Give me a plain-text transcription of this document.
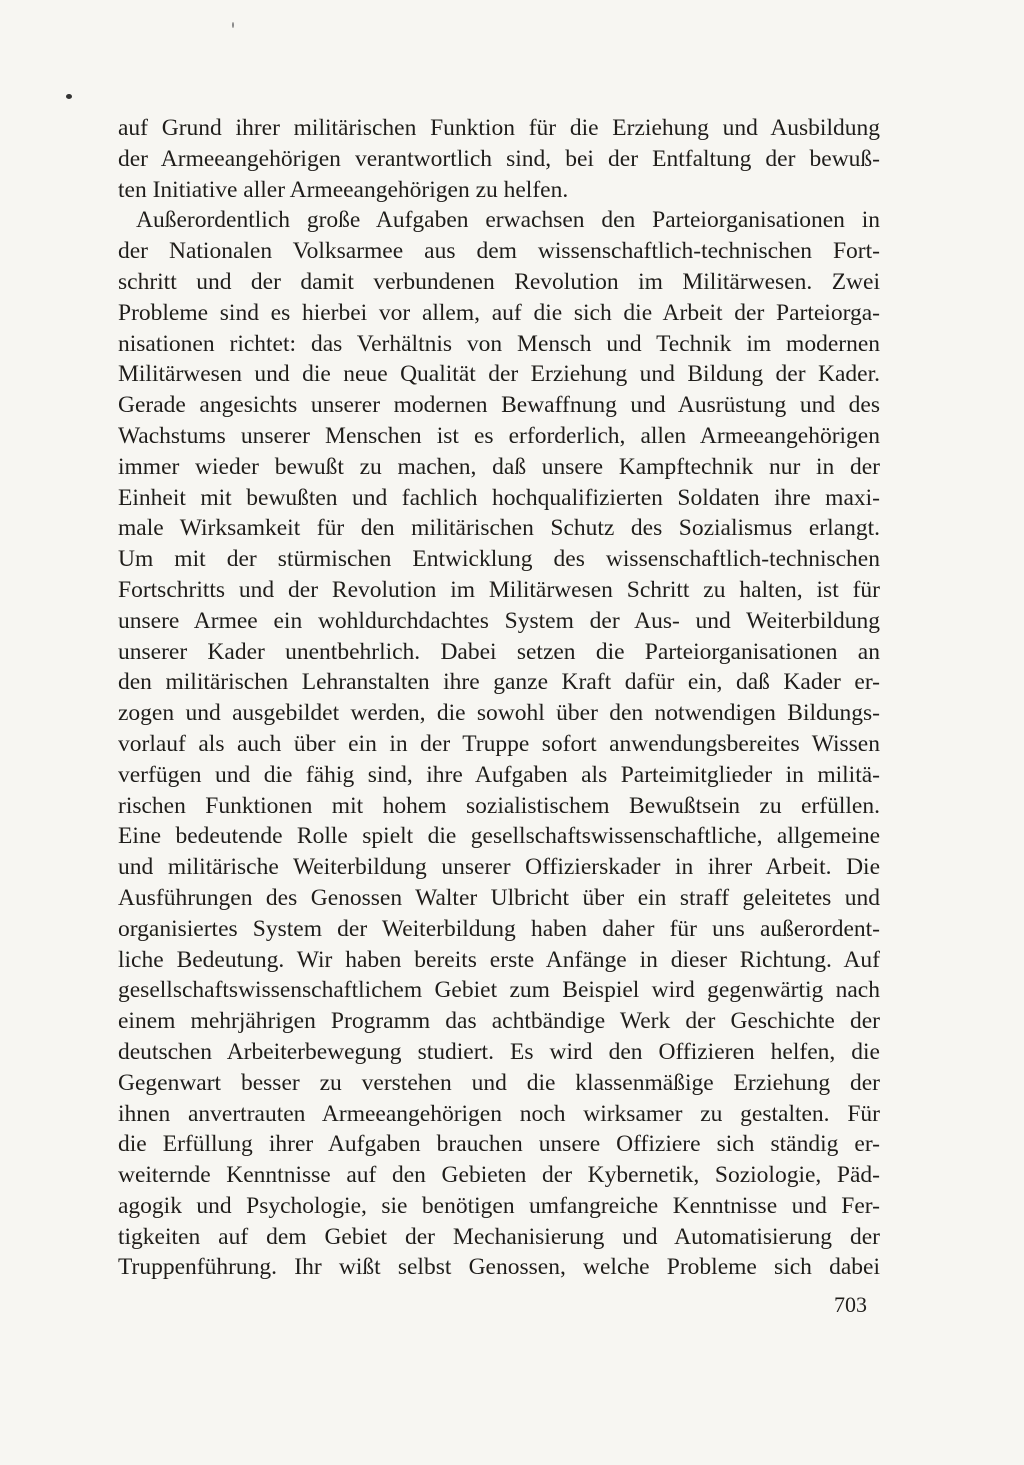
auf Grund ihrer militärischen Funktion für die Erziehung und Ausbildung
der Armeeangehörigen verantwortlich sind, bei der Entfaltung der bewuß-
ten Initiative aller Armeeangehörigen zu helfen.
Außerordentlich große Aufgaben erwachsen den Parteiorganisationen in
der Nationalen Volksarmee aus dem wissenschaftlich-technischen Fort-
schritt und der damit verbundenen Revolution im Militärwesen. Zwei
Probleme sind es hierbei vor allem, auf die sich die Arbeit der Parteiorga-
nisationen richtet: das Verhältnis von Mensch und Technik im modernen
Militärwesen und die neue Qualität der Erziehung und Bildung der Kader.
Gerade angesichts unserer modernen Bewaffnung und Ausrüstung und des
Wachstums unserer Menschen ist es erforderlich, allen Armeeangehörigen
immer wieder bewußt zu machen, daß unsere Kampftechnik nur in der
Einheit mit bewußten und fachlich hochqualifizierten Soldaten ihre maxi-
male Wirksamkeit für den militärischen Schutz des Sozialismus erlangt.
Um mit der stürmischen Entwicklung des wissenschaftlich-technischen
Fortschritts und der Revolution im Militärwesen Schritt zu halten, ist für
unsere Armee ein wohldurchdachtes System der Aus- und Weiterbildung
unserer Kader unentbehrlich. Dabei setzen die Parteiorganisationen an
den militärischen Lehranstalten ihre ganze Kraft dafür ein, daß Kader er-
zogen und ausgebildet werden, die sowohl über den notwendigen Bildungs-
vorlauf als auch über ein in der Truppe sofort anwendungsbereites Wissen
verfügen und die fähig sind, ihre Aufgaben als Parteimitglieder in militä-
rischen Funktionen mit hohem sozialistischem Bewußtsein zu erfüllen.
Eine bedeutende Rolle spielt die gesellschaftswissenschaftliche, allgemeine
und militärische Weiterbildung unserer Offizierskader in ihrer Arbeit. Die
Ausführungen des Genossen Walter Ulbricht über ein straff geleitetes und
organisiertes System der Weiterbildung haben daher für uns außerordent-
liche Bedeutung. Wir haben bereits erste Anfänge in dieser Richtung. Auf
gesellschaftswissenschaftlichem Gebiet zum Beispiel wird gegenwärtig nach
einem mehrjährigen Programm das achtbändige Werk der Geschichte der
deutschen Arbeiterbewegung studiert. Es wird den Offizieren helfen, die
Gegenwart besser zu verstehen und die klassenmäßige Erziehung der
ihnen anvertrauten Armeeangehörigen noch wirksamer zu gestalten. Für
die Erfüllung ihrer Aufgaben brauchen unsere Offiziere sich ständig er-
weiternde Kenntnisse auf den Gebieten der Kybernetik, Soziologie, Päd-
agogik und Psychologie, sie benötigen umfangreiche Kenntnisse und Fer-
tigkeiten auf dem Gebiet der Mechanisierung und Automatisierung der
Truppenführung. Ihr wißt selbst Genossen, welche Probleme sich dabei
703
